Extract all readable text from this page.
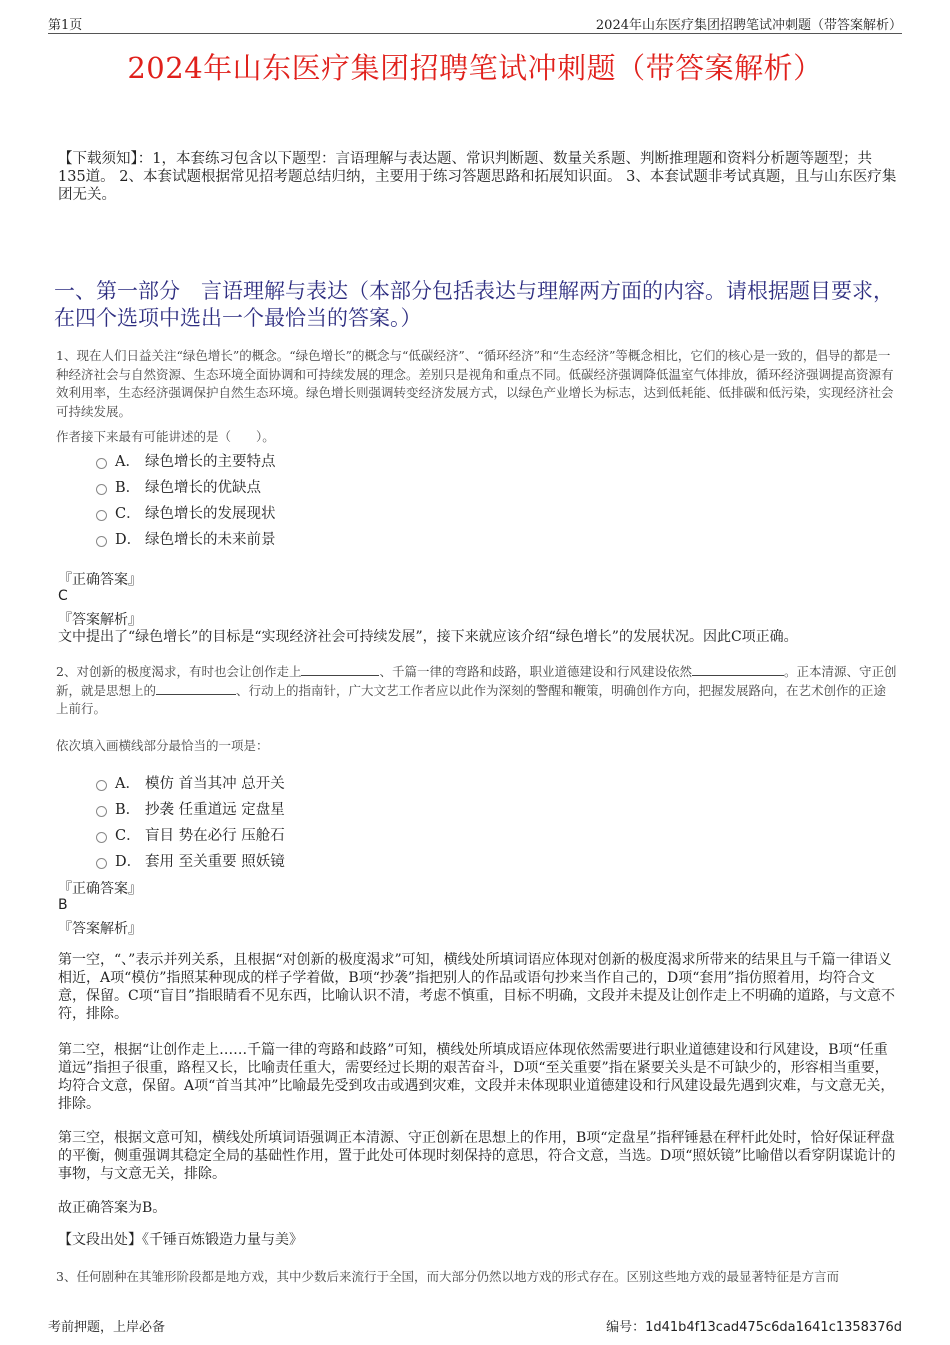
第1页	2024年山东医疗集团招聘笔试冲刺题（带答案解析）
2024年山东医疗集团招聘笔试冲刺题（带答案解析）
【下载须知】：1，本套练习包含以下题型：言语理解与表达题、常识判断题、数量关系题、判断推理题和资料分析题等题型；共135道。 2、本套试题根据常见招考题总结归纳，主要用于练习答题思路和拓展知识面。 3、本套试题非考试真题，且与山东医疗集团无关。
一、第一部分　言语理解与表达（本部分包括表达与理解两方面的内容。请根据题目要求，在四个选项中选出一个最恰当的答案。）
1、现在人们日益关注“绿色增长”的概念。“绿色增长”的概念与“低碳经济”、“循环经济”和“生态经济”等概念相比，它们的核心是一致的，倡导的都是一种经济社会与自然资源、生态环境全面协调和可持续发展的理念。差别只是视角和重点不同。低碳经济强调降低温室气体排放，循环经济强调提高资源有效利用率，生态经济强调保护自然生态环境。绿色增长则强调转变经济发展方式，以绿色产业增长为标志，达到低耗能、低排碳和低污染，实现经济社会可持续发展。
作者接下来最有可能讲述的是（　　）。
A． 绿色增长的主要特点
B． 绿色增长的优缺点
C． 绿色增长的发展现状
D． 绿色增长的未来前景
『正确答案』
C
『答案解析』
文中提出了“绿色增长”的目标是“实现经济社会可持续发展”，接下来就应该介绍“绿色增长”的发展状况。因此C项正确。
2、对创新的极度渴求，有时也会让创作走上	、千篇一律的弯路和歧路，职业道德建设和行风建设依然	。正本清源、守正创新，就是思想上的	、行动上的指南针，广大文艺工作者应以此作为深刻的警醒和鞭策，明确创作方向，把握发展路向，在艺术创作的正途上前行。
依次填入画横线部分最恰当的一项是：
A． 模仿 首当其冲 总开关
B． 抄袭 任重道远 定盘星
C． 盲目 势在必行 压舱石
D． 套用 至关重要 照妖镜
『正确答案』
B
『答案解析』
第一空，“、”表示并列关系，且根据“对创新的极度渴求”可知，横线处所填词语应体现对创新的极度渴求所带来的结果且与千篇一律语义相近，A项“模仿”指照某种现成的样子学着做，B项“抄袭”指把别人的作品或语句抄来当作自己的，D项“套用”指仿照着用，均符合文意，保留。C项“盲目”指眼睛看不见东西，比喻认识不清，考虑不慎重，目标不明确，文段并未提及让创作走上不明确的道路，与文意不符，排除。
第二空，根据“让创作走上……千篇一律的弯路和歧路”可知，横线处所填成语应体现依然需要进行职业道德建设和行风建设，B项“任重道远”指担子很重，路程又长，比喻责任重大，需要经过长期的艰苦奋斗，D项“至关重要”指在紧要关头是不可缺少的，形容相当重要，均符合文意，保留。A项“首当其冲”比喻最先受到攻击或遇到灾难，文段并未体现职业道德建设和行风建设最先遇到灾难，与文意无关，排除。
第三空，根据文意可知，横线处所填词语强调正本清源、守正创新在思想上的作用，B项“定盘星”指秤锤悬在秤杆此处时，恰好保证秤盘的平衡，侧重强调其稳定全局的基础性作用，置于此处可体现时刻保持的意思，符合文意，当选。D项“照妖镜”比喻借以看穿阴谋诡计的事物，与文意无关，排除。
故正确答案为B。
【文段出处】《千锤百炼锻造力量与美》
3、任何剧种在其雏形阶段都是地方戏，其中少数后来流行于全国，而大部分仍然以地方戏的形式存在。区别这些地方戏的最显著特征是方言而
考前押题，上岸必备	编号：1d41b4f13cad475c6da1641c1358376d
